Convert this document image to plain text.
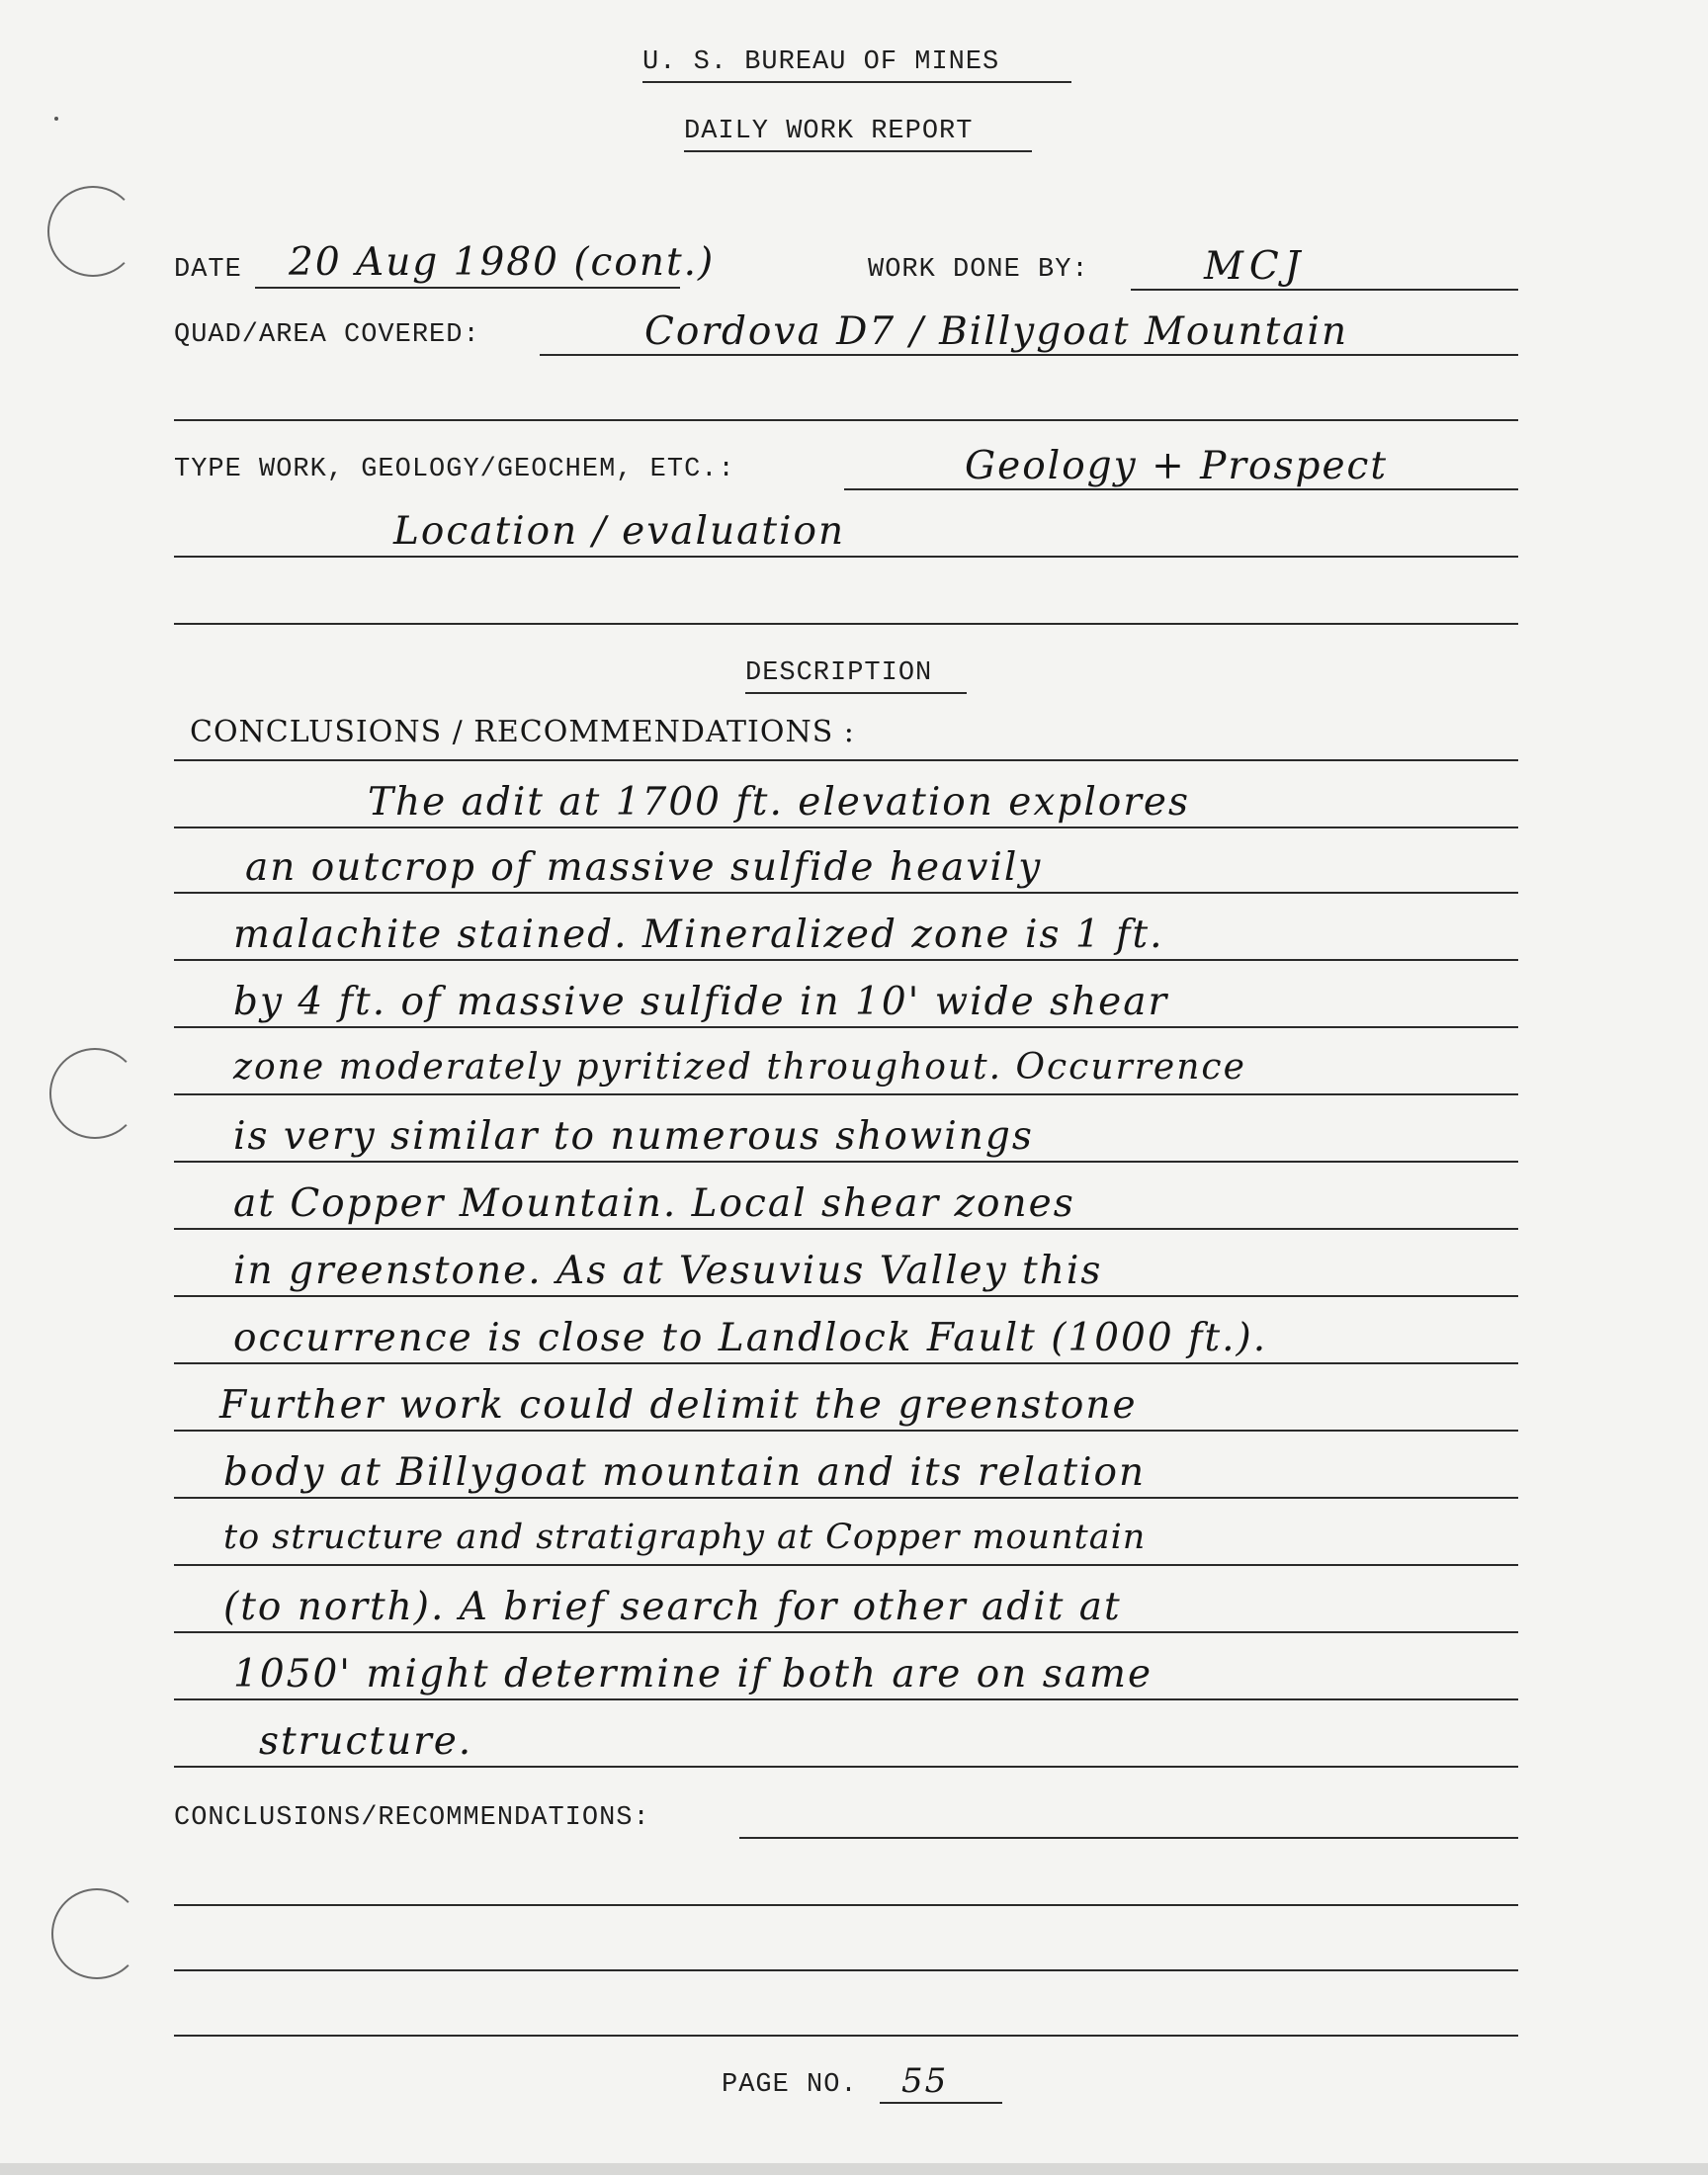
U. S. BUREAU OF MINES
DAILY WORK REPORT
DATE 20 Aug 1980 (cont.)	WORK DONE BY:	MCJ
QUAD/AREA COVERED:	Cordova D7 / Billygoat Mountain
TYPE WORK, GEOLOGY/GEOCHEM, ETC.:	Geology + Prospect
Location / evaluation
DESCRIPTION
CONCLUSIONS / RECOMMENDATIONS :
The adit at 1700 ft. elevation explores
an outcrop of massive sulfide heavily
malachite stained. Mineralized zone is 1 ft.
by 4 ft. of massive sulfide in 10' wide shear
zone moderately pyritized throughout. Occurrence
is very similar to numerous showings
at Copper Mountain. Local shear zones
in greenstone. As at Vesuvius Valley this
occurrence is close to Landlock Fault (1000 ft.).
Further work could delimit the greenstone
body at Billygoat mountain and its relation
to structure and stratigraphy at Copper mountain
(to north). A brief search for other adit at
1050' might determine if both are on same
structure.
CONCLUSIONS/RECOMMENDATIONS:
PAGE NO. 55
